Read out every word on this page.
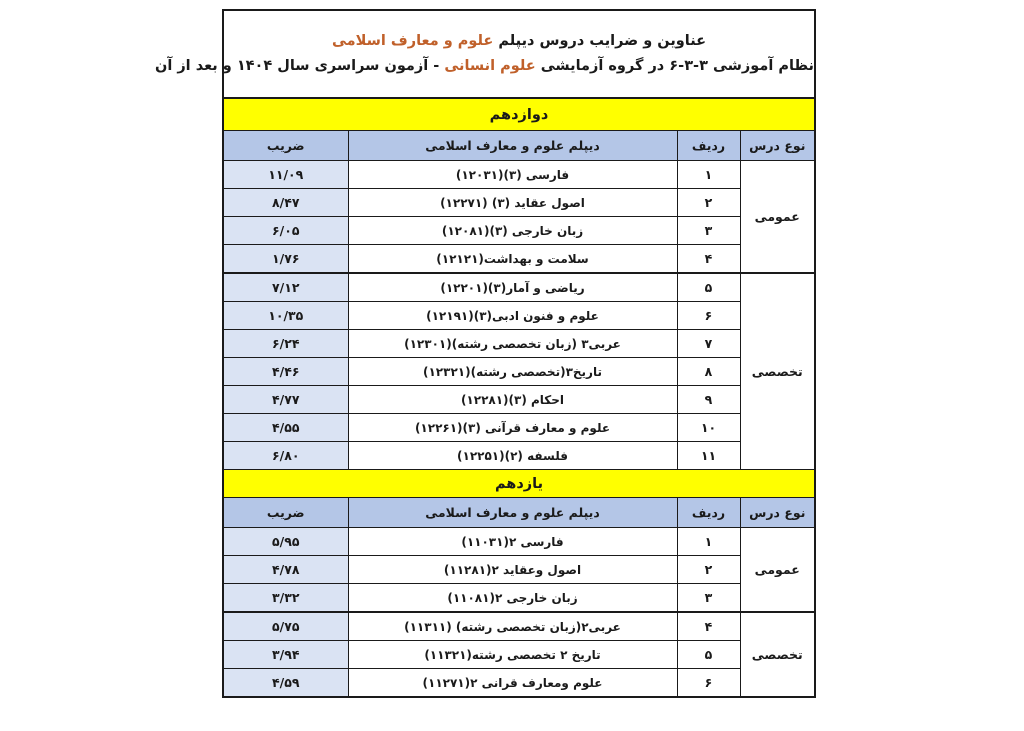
عناوین و ضرایب دروس دیپلم علوم و معارف اسلامی
نظام آموزشی ۳-۳-۶ در گروه آزمایشی علوم انسانی - آزمون سراسری سال ۱۴۰۴ و بعد از آن			

دوازدهم			
نوع درس	ردیف	دیپلم علوم و معارف اسلامی	ضریب
عمومی	۱	فارسی (۳)(۱۲۰۳۱)	۱۱/۰۹
	۲	اصول عقاید (۳) (۱۲۲۷۱)	۸/۴۷
	۳	زبان خارجی (۳)(۱۲۰۸۱)	۶/۰۵
	۴	سلامت و بهداشت(۱۲۱۲۱)	۱/۷۶
تخصصی	۵	ریاضی و آمار(۳)(۱۲۲۰۱)	۷/۱۲
	۶	علوم و فنون ادبی(۳)(۱۲۱۹۱)	۱۰/۳۵
	۷	عربی۳ (زبان تخصصی رشته)(۱۲۳۰۱)	۶/۲۴
	۸	تاریخ۳(تخصصی رشته)(۱۲۳۲۱)	۴/۴۶
	۹	احکام (۳)(۱۲۲۸۱)	۴/۷۷
	۱۰	علوم و معارف قرآنی (۳)(۱۲۲۶۱)	۴/۵۵
	۱۱	فلسفه (۲)(۱۲۲۵۱)	۶/۸۰
یازدهم			
نوع درس	ردیف	دیپلم علوم و معارف اسلامی	ضریب
عمومی	۱	فارسی ۲(۱۱۰۳۱)	۵/۹۵
	۲	اصول وعقاید ۲(۱۱۲۸۱)	۴/۷۸
	۳	زبان خارجی ۲(۱۱۰۸۱)	۳/۳۲
تخصصی	۴	عربی۲(زبان تخصصی رشته) (۱۱۳۱۱)	۵/۷۵
	۵	تاریخ ۲ تخصصی رشته(۱۱۳۲۱)	۳/۹۴
	۶	علوم ومعارف قرانی ۲(۱۱۲۷۱)	۴/۵۹
